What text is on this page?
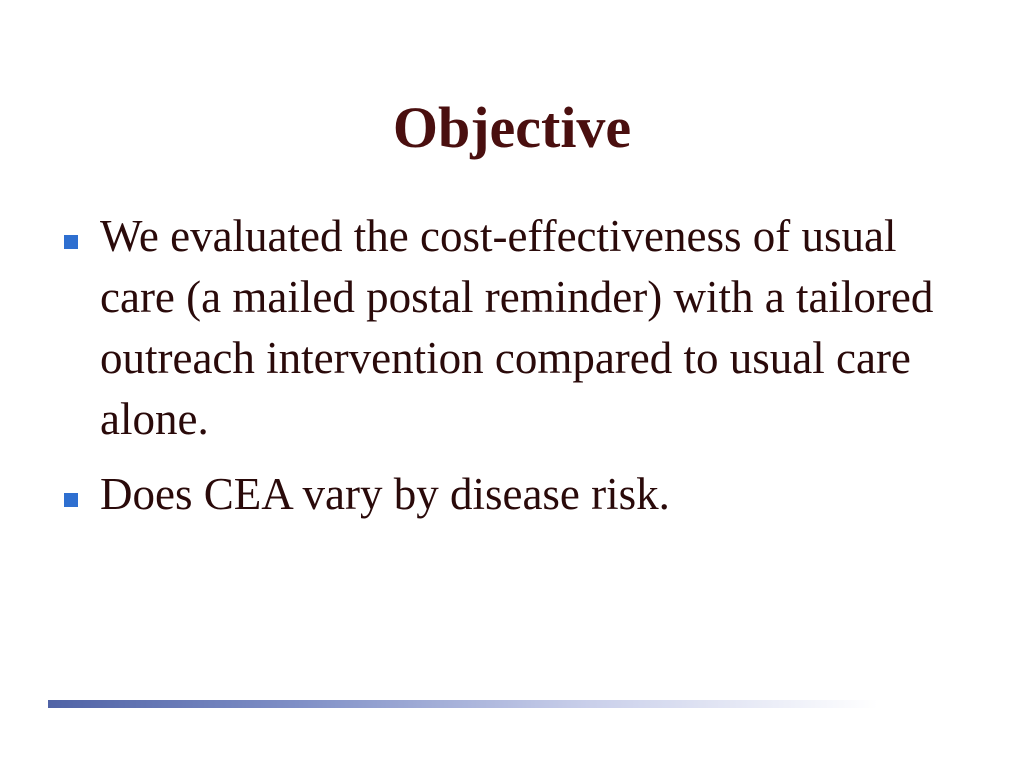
Objective
We evaluated the cost-effectiveness of usual care (a mailed postal reminder) with a tailored outreach intervention compared to usual care alone.
Does CEA vary by disease risk.
